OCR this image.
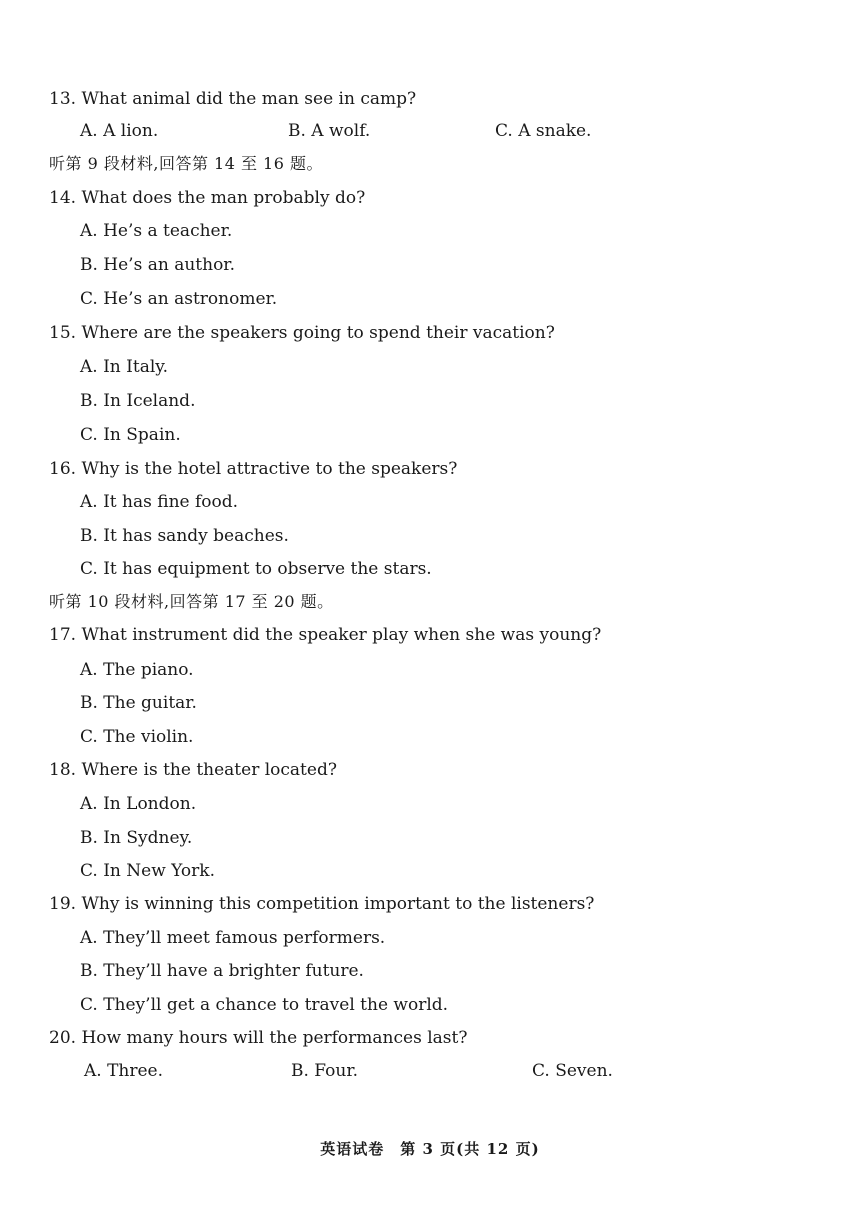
13. What animal did the man see in camp?
A. A lion.	B. A wolf.	C. A snake.
听第 9 段材料,回答第 14 至 16 题。
14. What does the man probably do?
A. He’s a teacher.
B. He’s an author.
C. He’s an astronomer.
15. Where are the speakers going to spend their vacation?
A. In Italy.
B. In Iceland.
C. In Spain.
16. Why is the hotel attractive to the speakers?
A. It has fine food.
B. It has sandy beaches.
C. It has equipment to observe the stars.
听第 10 段材料,回答第 17 至 20 题。
17. What instrument did the speaker play when she was young?
A. The piano.
B. The guitar.
C. The violin.
18. Where is the theater located?
A. In London.
B. In Sydney.
C. In New York.
19. Why is winning this competition important to the listeners?
A. They’ll meet famous performers.
B. They’ll have a brighter future.
C. They’ll get a chance to travel the world.
20. How many hours will the performances last?
A. Three.	B. Four.	C. Seven.
英语试卷　第 3 页(共 12 页)
